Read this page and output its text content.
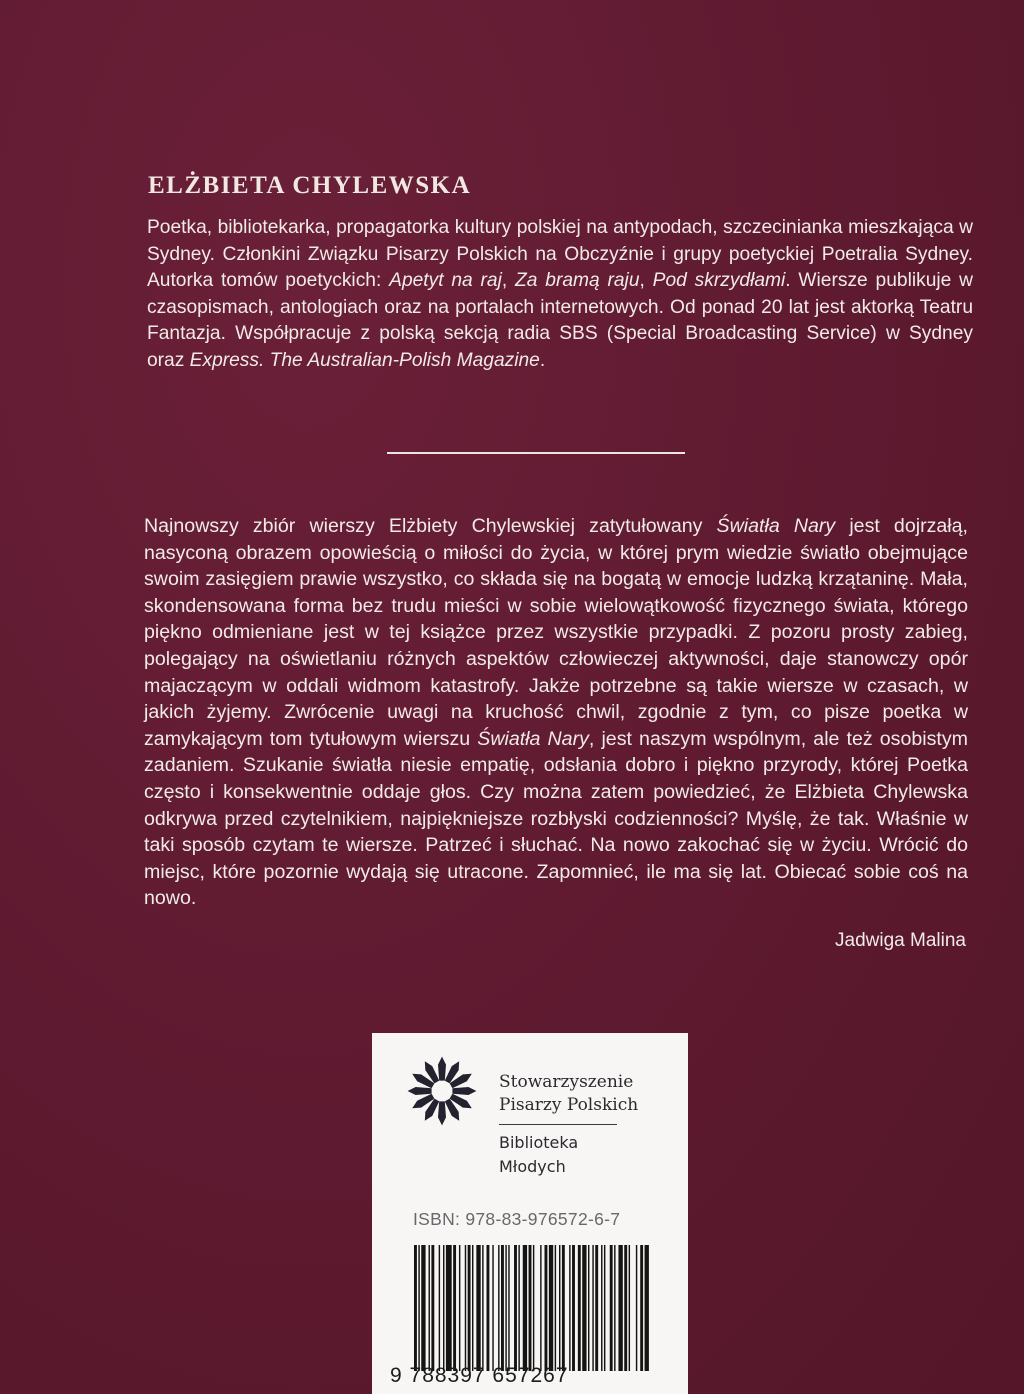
ELŻBIETA CHYLEWSKA

Poetka, bibliotekarka, propagatorka kultury polskiej na antypodach, szczecinianka mieszkająca w Sydney. Członkini Związku Pisarzy Polskich na Obczyźnie i grupy poetyckiej Poetralia Sydney. Autorka tomów poetyckich: Apetyt na raj, Za bramą raju, Pod skrzydłami. Wiersze publikuje w czasopismach, antologiach oraz na portalach internetowych. Od ponad 20 lat jest aktorką Teatru Fantazja. Współpracuje z polską sekcją radia SBS (Special Broadcasting Service) w Sydney oraz Express. The Australian-Polish Magazine.

Najnowszy zbiór wierszy Elżbiety Chylewskiej zatytułowany Światła Nary jest dojrzałą, nasyconą obrazem opowieścią o miłości do życia, w której prym wiedzie światło obejmujące swoim zasięgiem prawie wszystko, co składa się na bogatą w emocje ludzką krzątaninę. Mała, skondensowana forma bez trudu mieści w sobie wielowątkowość fizycznego świata, którego piękno odmieniane jest w tej książce przez wszystkie przypadki. Z pozoru prosty zabieg, polegający na oświetlaniu różnych aspektów człowieczej aktywności, daje stanowczy opór majaczącym w oddali widmom katastrofy. Jakże potrzebne są takie wiersze w czasach, w jakich żyjemy. Zwrócenie uwagi na kruchość chwil, zgodnie z tym, co pisze poetka w zamykającym tom tytułowym wierszu Światła Nary, jest naszym wspólnym, ale też osobistym zadaniem. Szukanie światła niesie empatię, odsłania dobro i piękno przyrody, której Poetka często i konsekwentnie oddaje głos. Czy można zatem powiedzieć, że Elżbieta Chylewska odkrywa przed czytelnikiem, najpiękniejsze rozbłyski codzienności? Myślę, że tak. Właśnie w taki sposób czytam te wiersze. Patrzeć i słuchać. Na nowo zakochać się w życiu. Wrócić do miejsc, które pozornie wydają się utracone. Zapomnieć, ile ma się lat. Obiecać sobie coś na nowo.

Jadwiga Malina

Stowarzyszenie
Pisarzy Polskich
Biblioteka
Młodych
ISBN: 978-83-976572-6-7
9 788397 657267
